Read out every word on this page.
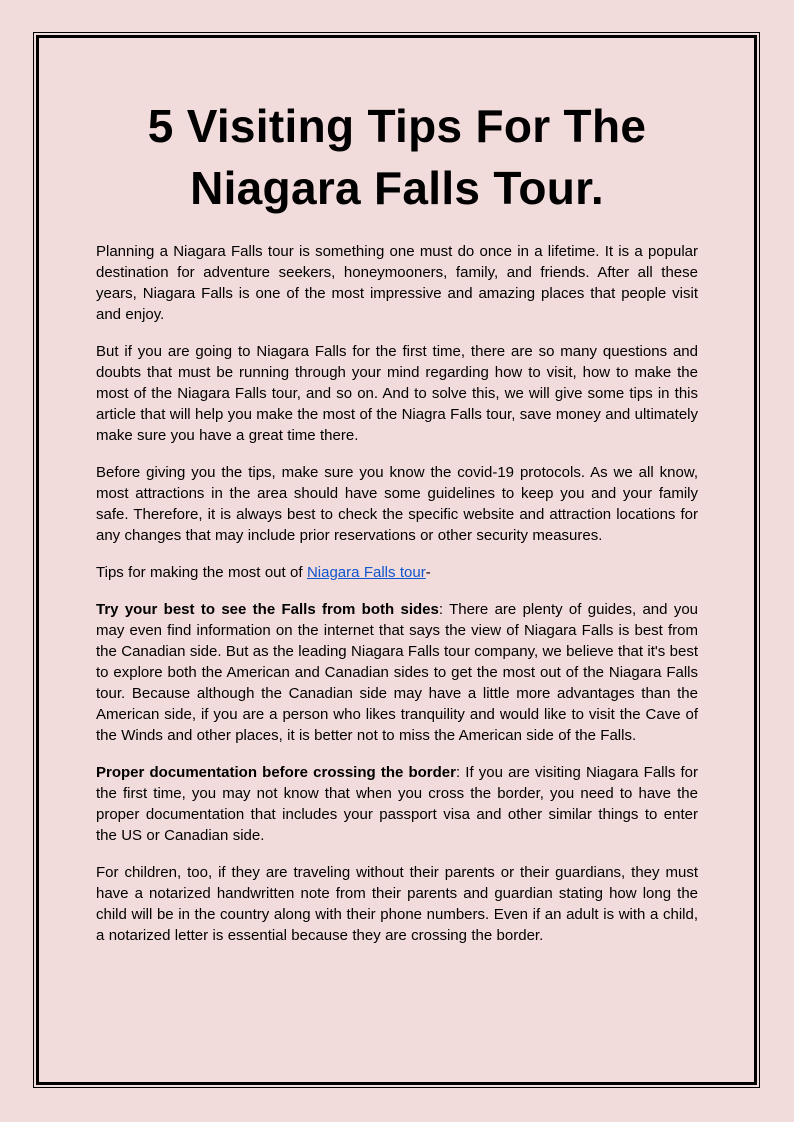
5 Visiting Tips For The
Niagara Falls Tour.

Planning a Niagara Falls tour is something one must do once in a lifetime. It is a popular destination for adventure seekers, honeymooners, family, and friends. After all these years, Niagara Falls is one of the most impressive and amazing places that people visit and enjoy.

But if you are going to Niagara Falls for the first time, there are so many questions and doubts that must be running through your mind regarding how to visit, how to make the most of the Niagara Falls tour, and so on. And to solve this, we will give some tips in this article that will help you make the most of the Niagra Falls tour, save money and ultimately make sure you have a great time there.

Before giving you the tips, make sure you know the covid-19 protocols. As we all know, most attractions in the area should have some guidelines to keep you and your family safe. Therefore, it is always best to check the specific website and attraction locations for any changes that may include prior reservations or other security measures.

Tips for making the most out of Niagara Falls tour-

Try your best to see the Falls from both sides: There are plenty of guides, and you may even find information on the internet that says the view of Niagara Falls is best from the Canadian side. But as the leading Niagara Falls tour company, we believe that it's best to explore both the American and Canadian sides to get the most out of the Niagara Falls tour. Because although the Canadian side may have a little more advantages than the American side, if you are a person who likes tranquility and would like to visit the Cave of the Winds and other places, it is better not to miss the American side of the Falls.

Proper documentation before crossing the border: If you are visiting Niagara Falls for the first time, you may not know that when you cross the border, you need to have the proper documentation that includes your passport visa and other similar things to enter the US or Canadian side.

For children, too, if they are traveling without their parents or their guardians, they must have a notarized handwritten note from their parents and guardian stating how long the child will be in the country along with their phone numbers. Even if an adult is with a child, a notarized letter is essential because they are crossing the border.
